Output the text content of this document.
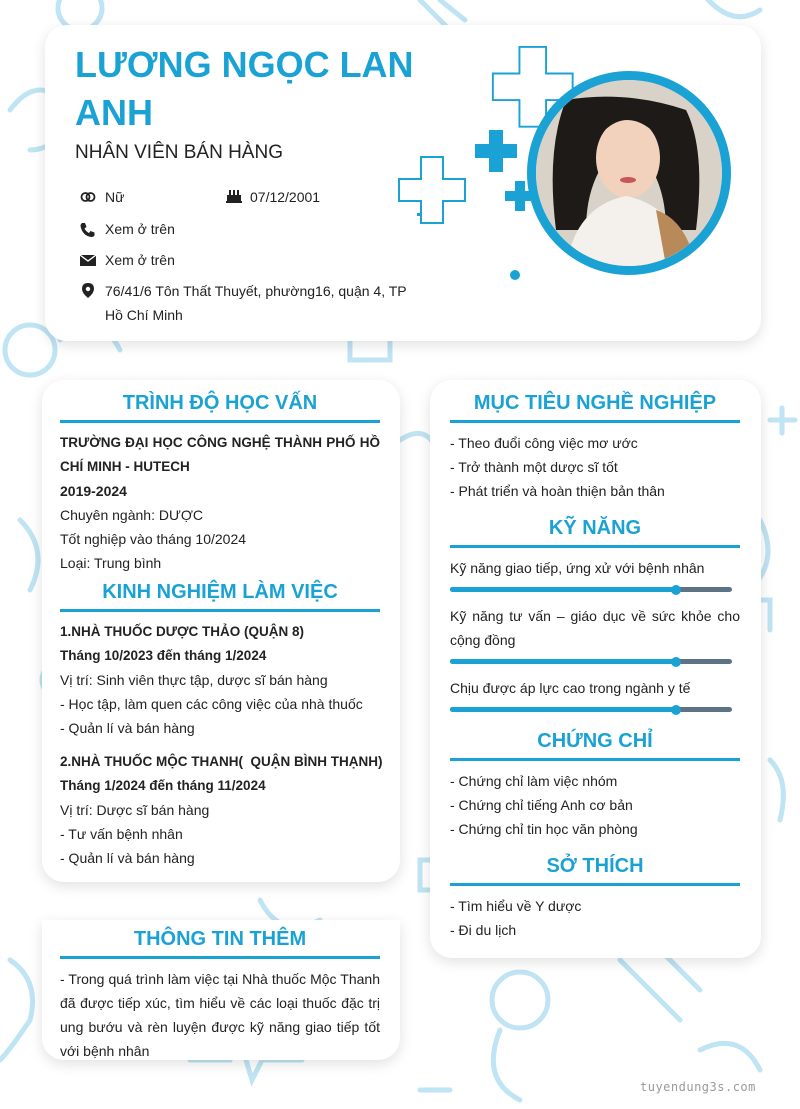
LƯƠNG NGỌC LAN ANH
NHÂN VIÊN BÁN HÀNG
Nữ	07/12/2001
Xem ở trên
Xem ở trên
76/41/6 Tôn Thất Thuyết, phường16, quận 4, TP Hồ Chí Minh
TRÌNH ĐỘ HỌC VẤN
TRƯỜNG ĐẠI HỌC CÔNG NGHỆ THÀNH PHỐ HỒ CHÍ MINH - HUTECH
2019-2024
Chuyên ngành: DƯỢC
Tốt nghiệp vào tháng 10/2024
Loại: Trung bình
KINH NGHIỆM LÀM VIỆC
1.NHÀ THUỐC DƯỢC THẢO (QUẬN 8)
Tháng 10/2023 đến tháng 1/2024
Vị trí: Sinh viên thực tập, dược sĩ bán hàng
- Học tập, làm quen các công việc của nhà thuốc
- Quản lí và bán hàng
2.NHÀ THUỐC MỘC THANH(  QUẬN BÌNH THẠNH)
Tháng 1/2024 đến tháng 11/2024
Vị trí: Dược sĩ bán hàng
- Tư vấn bệnh nhân
- Quản lí và bán hàng
THÔNG TIN THÊM
- Trong quá trình làm việc tại Nhà thuốc Mộc Thanh đã được tiếp xúc, tìm hiểu về các loại thuốc đặc trị ung bướu và rèn luyện được kỹ năng giao tiếp tốt với bệnh nhân
MỤC TIÊU NGHỀ NGHIỆP
- Theo đuổi công việc mơ ước
- Trở thành một dược sĩ tốt
- Phát triển và hoàn thiện bản thân
KỸ NĂNG
Kỹ năng giao tiếp, ứng xử với bệnh nhân
Kỹ năng tư vấn – giáo dục về sức khỏe cho cộng đồng
Chịu được áp lực cao trong ngành y tế
CHỨNG CHỈ
- Chứng chỉ làm việc nhóm
- Chứng chỉ tiếng Anh cơ bản
- Chứng chỉ tin học văn phòng
SỞ THÍCH
- Tìm hiểu về Y dược
- Đi du lịch
tuyendung3s.com
